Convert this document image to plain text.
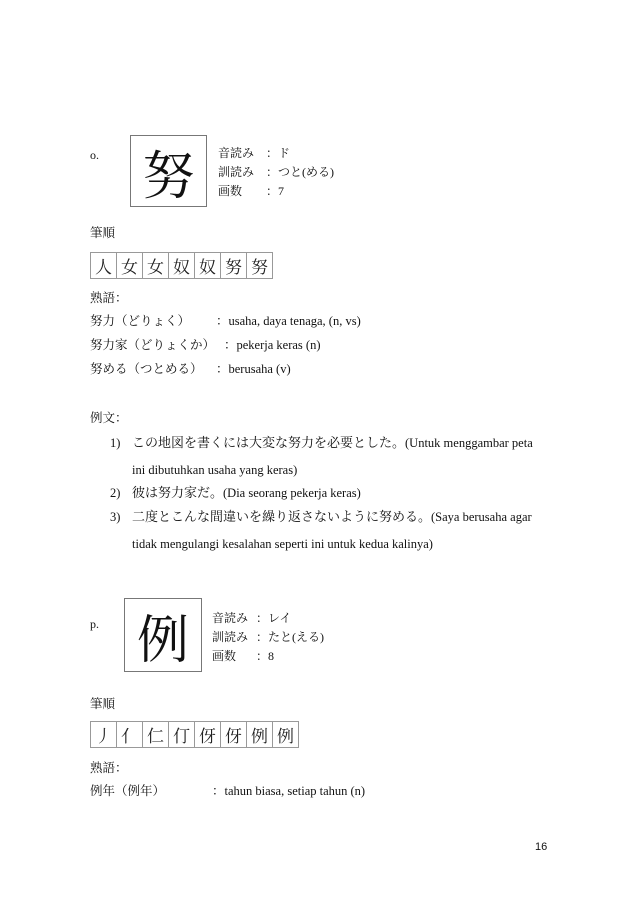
o. 努 音読み ：ド
訓読み ：つと(める)
画数 ：7
筆順
人 女 女 奴 奴 努 努
熟語：
努力（どりょく） ：usaha, daya tenaga, (n, vs)
努力家（どりょくか） ：pekerja keras (n)
努める（つとめる） ：berusaha (v)
例文：
1) この地図を書くには大変な努力を必要とした。(Untuk menggambar peta
ini dibutuhkan usaha yang keras)
2) 彼は努力家だ。(Dia seorang pekerja keras)
3) 二度とこんな間違いを繰り返さないように努める。(Saya berusaha agar
tidak mengulangi kesalahan seperti ini untuk kedua kalinya)
p. 例 音読み ：レイ
訓読み ：たと(える)
画数 ：8
筆順
丿 亻 仁 仃 伢 伢 例 例
熟語：
例年（例年）	：tahun biasa, setiap tahun (n)
16
